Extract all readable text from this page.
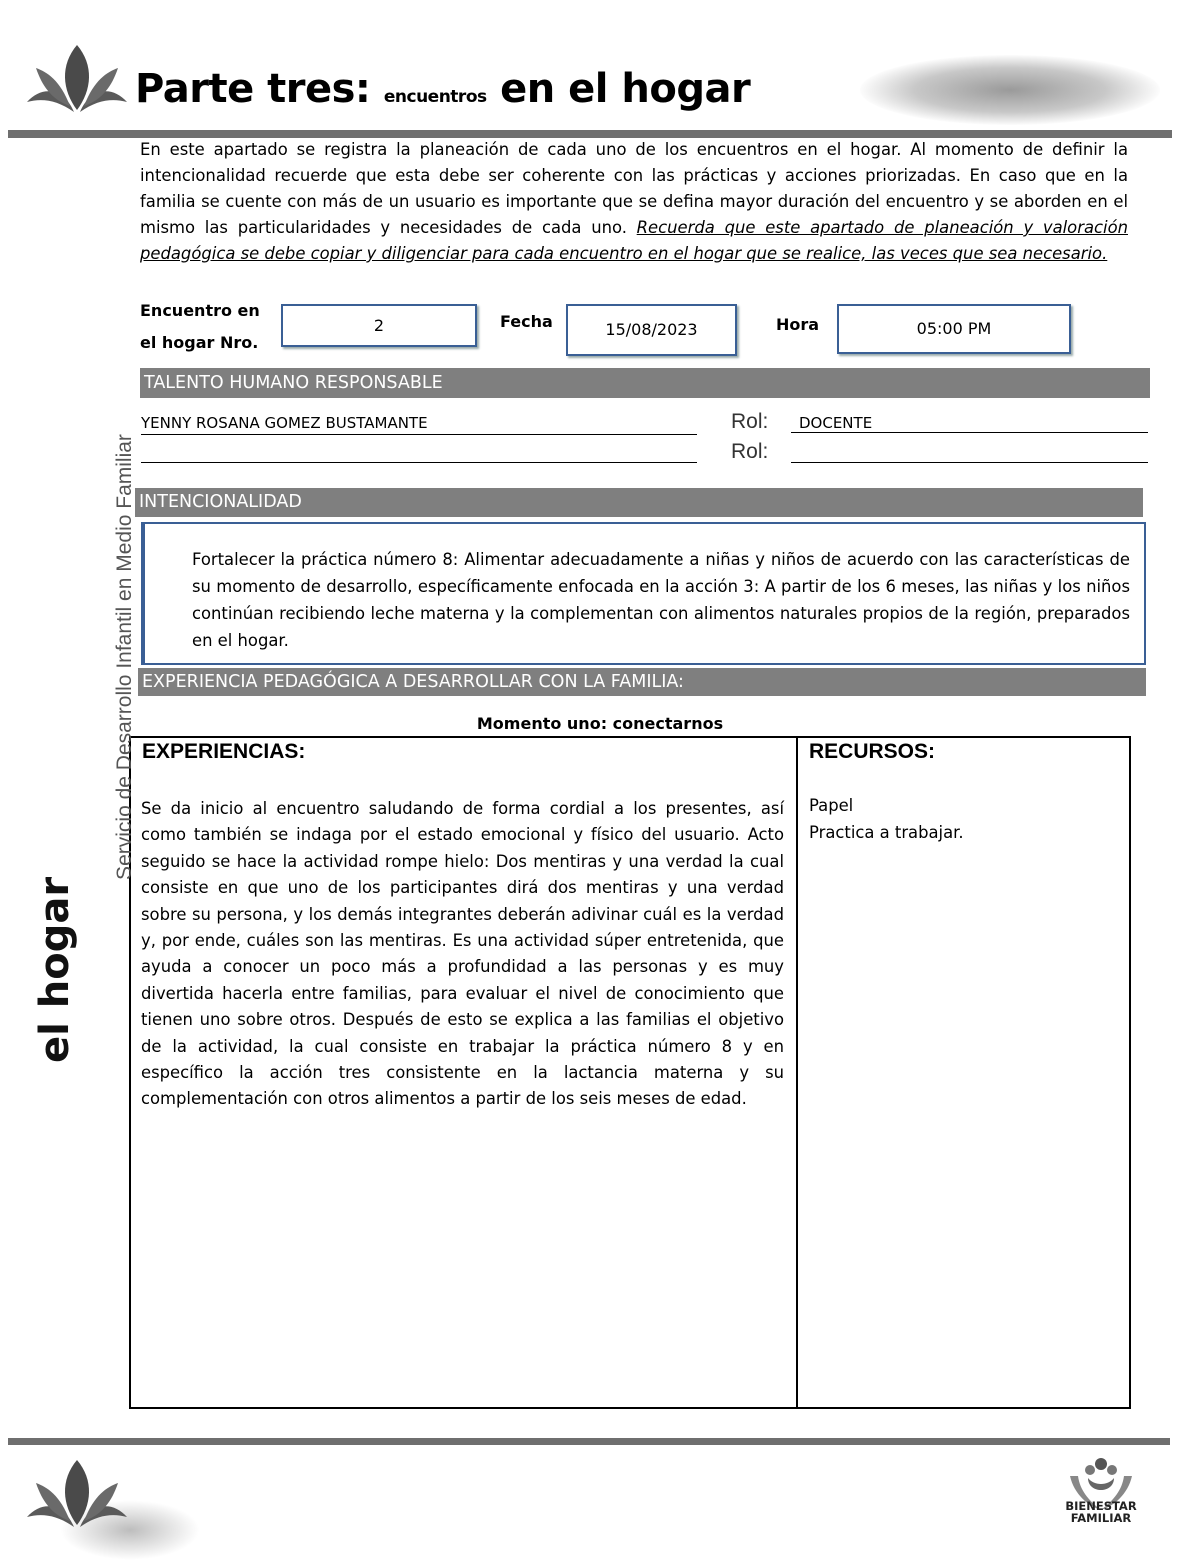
Parte tres: encuentros en el hogar
En este apartado se registra la planeación de cada uno de los encuentros en el hogar. Al momento de definir la intencionalidad recuerde que esta debe ser coherente con las prácticas y acciones priorizadas. En caso que en la familia se cuente con más de un usuario es importante que se defina mayor duración del encuentro y se aborden en el mismo las particularidades y necesidades de cada uno. Recuerda que este apartado de planeación y valoración pedagógica se debe copiar y diligenciar para cada encuentro en el hogar que se realice, las veces que sea necesario.
Encuentro en el hogar Nro.
2	Fecha	15/08/2023	Hora	05:00 PM
TALENTO HUMANO RESPONSABLE
YENNY ROSANA GOMEZ BUSTAMANTE	Rol:	DOCENTE
Rol:
INTENCIONALIDAD
Fortalecer la práctica número 8: Alimentar adecuadamente a niñas y niños de acuerdo con las características de su momento de desarrollo, específicamente enfocada en la acción 3: A partir de los 6 meses, las niñas y los niños continúan recibiendo leche materna y la complementan con alimentos naturales propios de la región, preparados en el hogar.
EXPERIENCIA PEDAGÓGICA A DESARROLLAR CON LA FAMILIA:
Momento uno: conectarnos
EXPERIENCIAS:	RECURSOS:
Se da inicio al encuentro saludando de forma cordial a los presentes, así como también se indaga por el estado emocional y físico del usuario. Acto seguido se hace la actividad rompe hielo: Dos mentiras y una verdad la cual consiste en que uno de los participantes dirá dos mentiras y una verdad sobre su persona, y los demás integrantes deberán adivinar cuál es la verdad y, por ende, cuáles son las mentiras. Es una actividad súper entretenida, que ayuda a conocer un poco más a profundidad a las personas y es muy divertida hacerla entre familias, para evaluar el nivel de conocimiento que tienen uno sobre otros. Después de esto se explica a las familias el objetivo de la actividad, la cual consiste en trabajar la práctica número 8 y en específico la acción tres consistente en la lactancia materna y su complementación con otros alimentos a partir de los seis meses de edad.
Papel
Practica a trabajar.
Servicio de Desarrollo Infantil en Medio Familiar
el hogar
BIENESTAR
FAMILIAR
